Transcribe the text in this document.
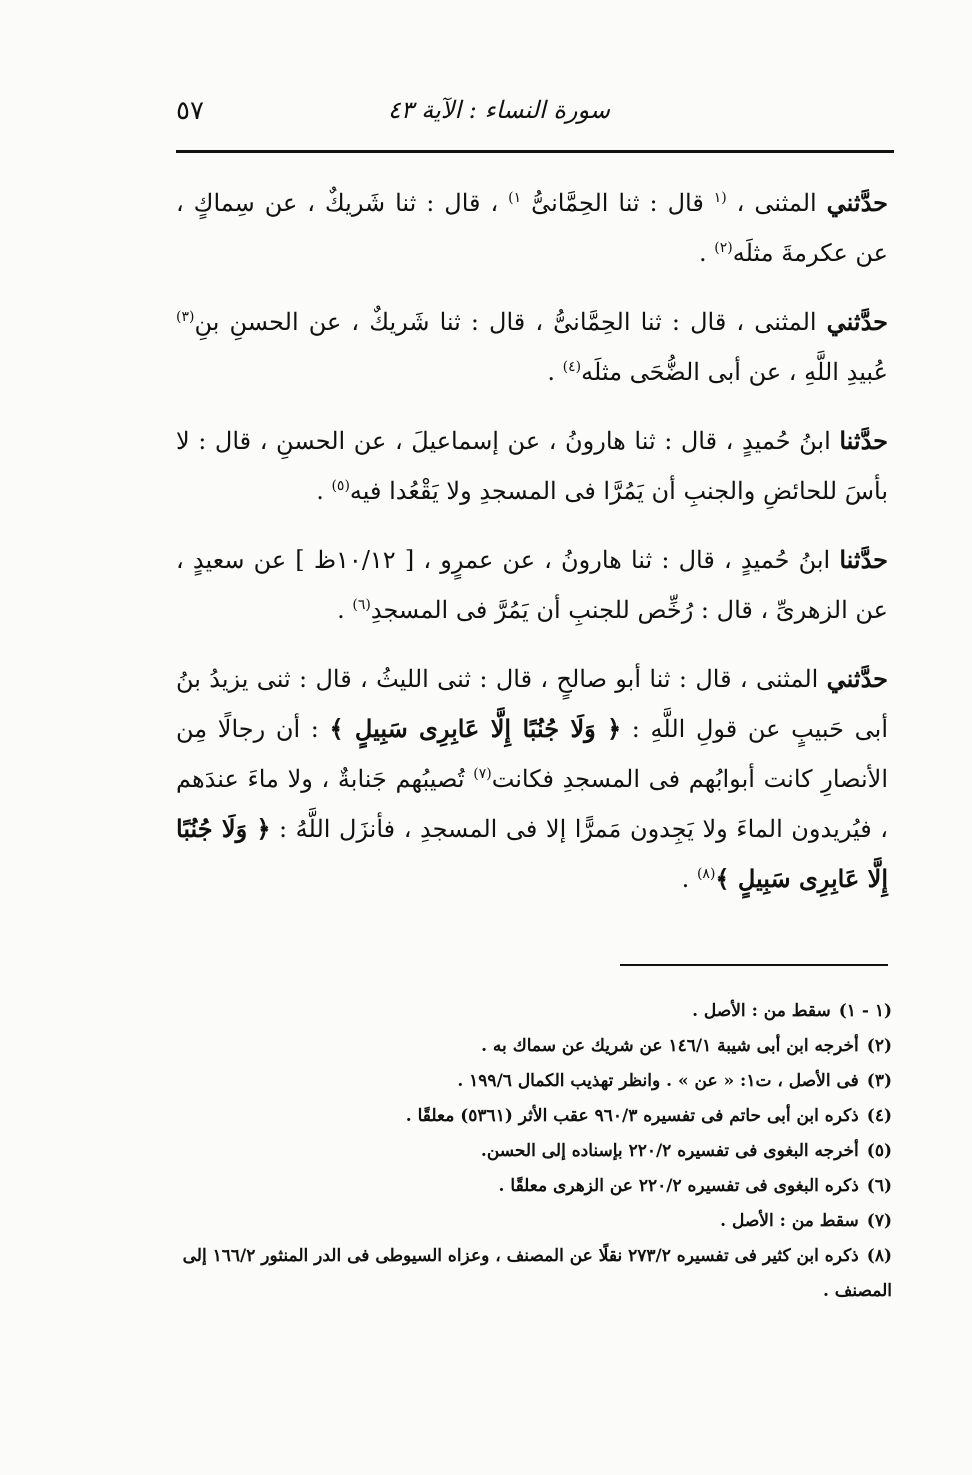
سورة النساء : الآية ٤٣
٥٧

حدَّثني المثنى ، $^{(١}$ قال : ثنا الحِمَّانىُّ $^{١)}$ ، قال : ثنا شَريكٌ ، عن سِماكٍ ، عن عكرمةَ مثلَه$^{(٢)}$ .

حدَّثني المثنى ، قال : ثنا الحِمَّانىُّ ، قال : ثنا شَريكٌ ، عن الحسنِ بنِ$^{(٣)}$ عُبيدِ اللَّهِ ، عن أبى الضُّحَى مثلَه$^{(٤)}$ .

حدَّثنا ابنُ حُميدٍ ، قال : ثنا هارونُ ، عن إسماعيلَ ، عن الحسنِ ، قال : لا بأسَ للحائضِ والجنبِ أن يَمُرَّا فى المسجدِ ولا يَقْعُدا فيه$^{(٥)}$ .

حدَّثنا ابنُ حُميدٍ ، قال : ثنا هارونُ ، عن عمرٍو ، [ ١٠/١٢ظ ] عن سعيدٍ ، عن الزهرىِّ ، قال : رُخِّص للجنبِ أن يَمُرَّ فى المسجدِ$^{(٦)}$ .

حدَّثني المثنى ، قال : ثنا أبو صالحٍ ، قال : ثنى الليثُ ، قال : ثنى يزيدُ بنُ أبى حَبيبٍ عن قولِ اللَّهِ : ﴿ وَلَا جُنُبًا إِلَّا عَابِرِى سَبِيلٍ ﴾ : أن رجالًا مِن الأنصارِ كانت أبوابُهم فى المسجدِ فكانت$^{(٧)}$ تُصيبُهم جَنابةٌ ، ولا ماءَ عندَهم ، فيُريدون الماءَ ولا يَجِدون مَمرًّا إلا فى المسجدِ ، فأنزَل اللَّهُ : ﴿ وَلَا جُنُبًا إِلَّا عَابِرِى سَبِيلٍ ﴾$^{(٨)}$ .

(١ - ١)سقط من : الأصل .

(٢)أخرجه ابن أبى شيبة ١٤٦/١ عن شريك عن سماك به .

(٣)فى الأصل ، ت١: « عن » . وانظر تهذيب الكمال ١٩٩/٦ .

(٤)ذكره ابن أبى حاتم فى تفسيره ٩٦٠/٣ عقب الأثر (٥٣٦١) معلقًا .

(٥)أخرجه البغوى فى تفسيره ٢٢٠/٢ بإسناده إلى الحسن.

(٦)ذكره البغوى فى تفسيره ٢٢٠/٢ عن الزهرى معلقًا .

(٧)سقط من : الأصل .

(٨)ذكره ابن كثير فى تفسيره ٢٧٣/٢ نقلًا عن المصنف ، وعزاه السيوطى فى الدر المنثور ١٦٦/٢ إلى المصنف .
